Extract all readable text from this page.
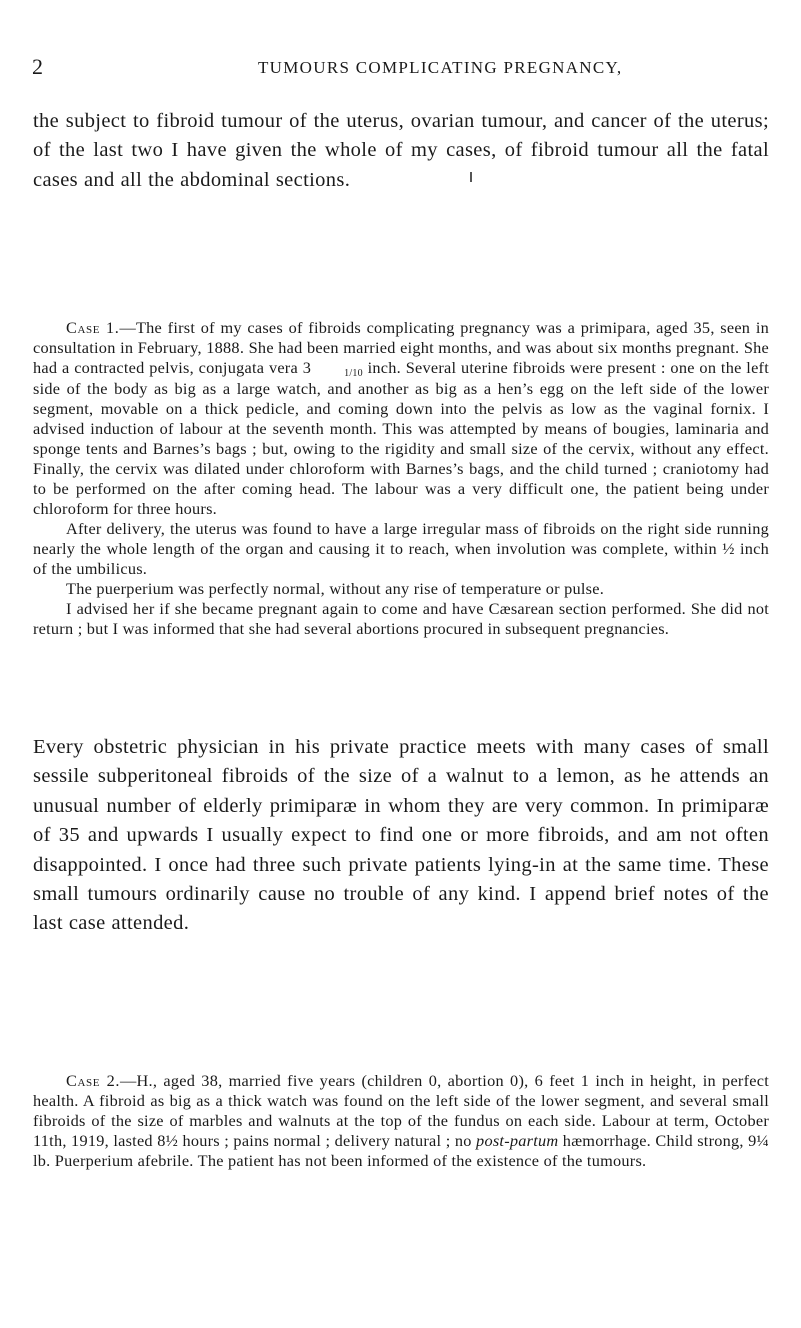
2	TUMOURS COMPLICATING PREGNANCY,

the subject to fibroid tumour of the uterus, ovarian tumour, and cancer of the uterus; of the last two I have given the whole of my cases, of fibroid tumour all the fatal cases and all the abdominal sections.

Case 1.—The first of my cases of fibroids complicating pregnancy was a primipara, aged 35, seen in consultation in February, 1888. She had been married eight months, and was about six months pregnant. She had a contracted pelvis, conjugata vera 3	1/10 inch. Several uterine fibroids were present : one on the left side of the body as big as a large watch, and another as big as a hen’s egg on the left side of the lower segment, movable on a thick pedicle, and coming down into the pelvis as low as the vaginal fornix. I advised induction of labour at the seventh month. This was attempted by means of bougies, laminaria and sponge tents and Barnes’s bags ; but, owing to the rigidity and small size of the cervix, without any effect. Finally, the cervix was dilated under chloroform with Barnes’s bags, and the child turned ; craniotomy had to be performed on the after coming head. The labour was a very difficult one, the patient being under chloroform for three hours.

After delivery, the uterus was found to have a large irregular mass of fibroids on the right side running nearly the whole length of the organ and causing it to reach, when involution was complete, within ½ inch of the umbilicus.

The puerperium was perfectly normal, without any rise of temperature or pulse.

I advised her if she became pregnant again to come and have Cæsarean section performed. She did not return ; but I was informed that she had several abortions procured in subsequent pregnancies.

Every obstetric physician in his private practice meets with many cases of small sessile subperitoneal fibroids of the size of a walnut to a lemon, as he attends an unusual number of elderly primiparæ in whom they are very common. In primiparæ of 35 and upwards I usually expect to find one or more fibroids, and am not often disappointed. I once had three such private patients lying-in at the same time. These small tumours ordinarily cause no trouble of any kind. I append brief notes of the last case attended.

Case 2.—H., aged 38, married five years (children 0, abortion 0), 6 feet 1 inch in height, in perfect health. A fibroid as big as a thick watch was found on the left side of the lower segment, and several small fibroids of the size of marbles and walnuts at the top of the fundus on each side. Labour at term, October 11th, 1919, lasted 8½ hours ; pains normal ; delivery natural ; no post-partum hæmorrhage. Child strong, 9¼ lb. Puerperium afebrile. The patient has not been informed of the existence of the tumours.
